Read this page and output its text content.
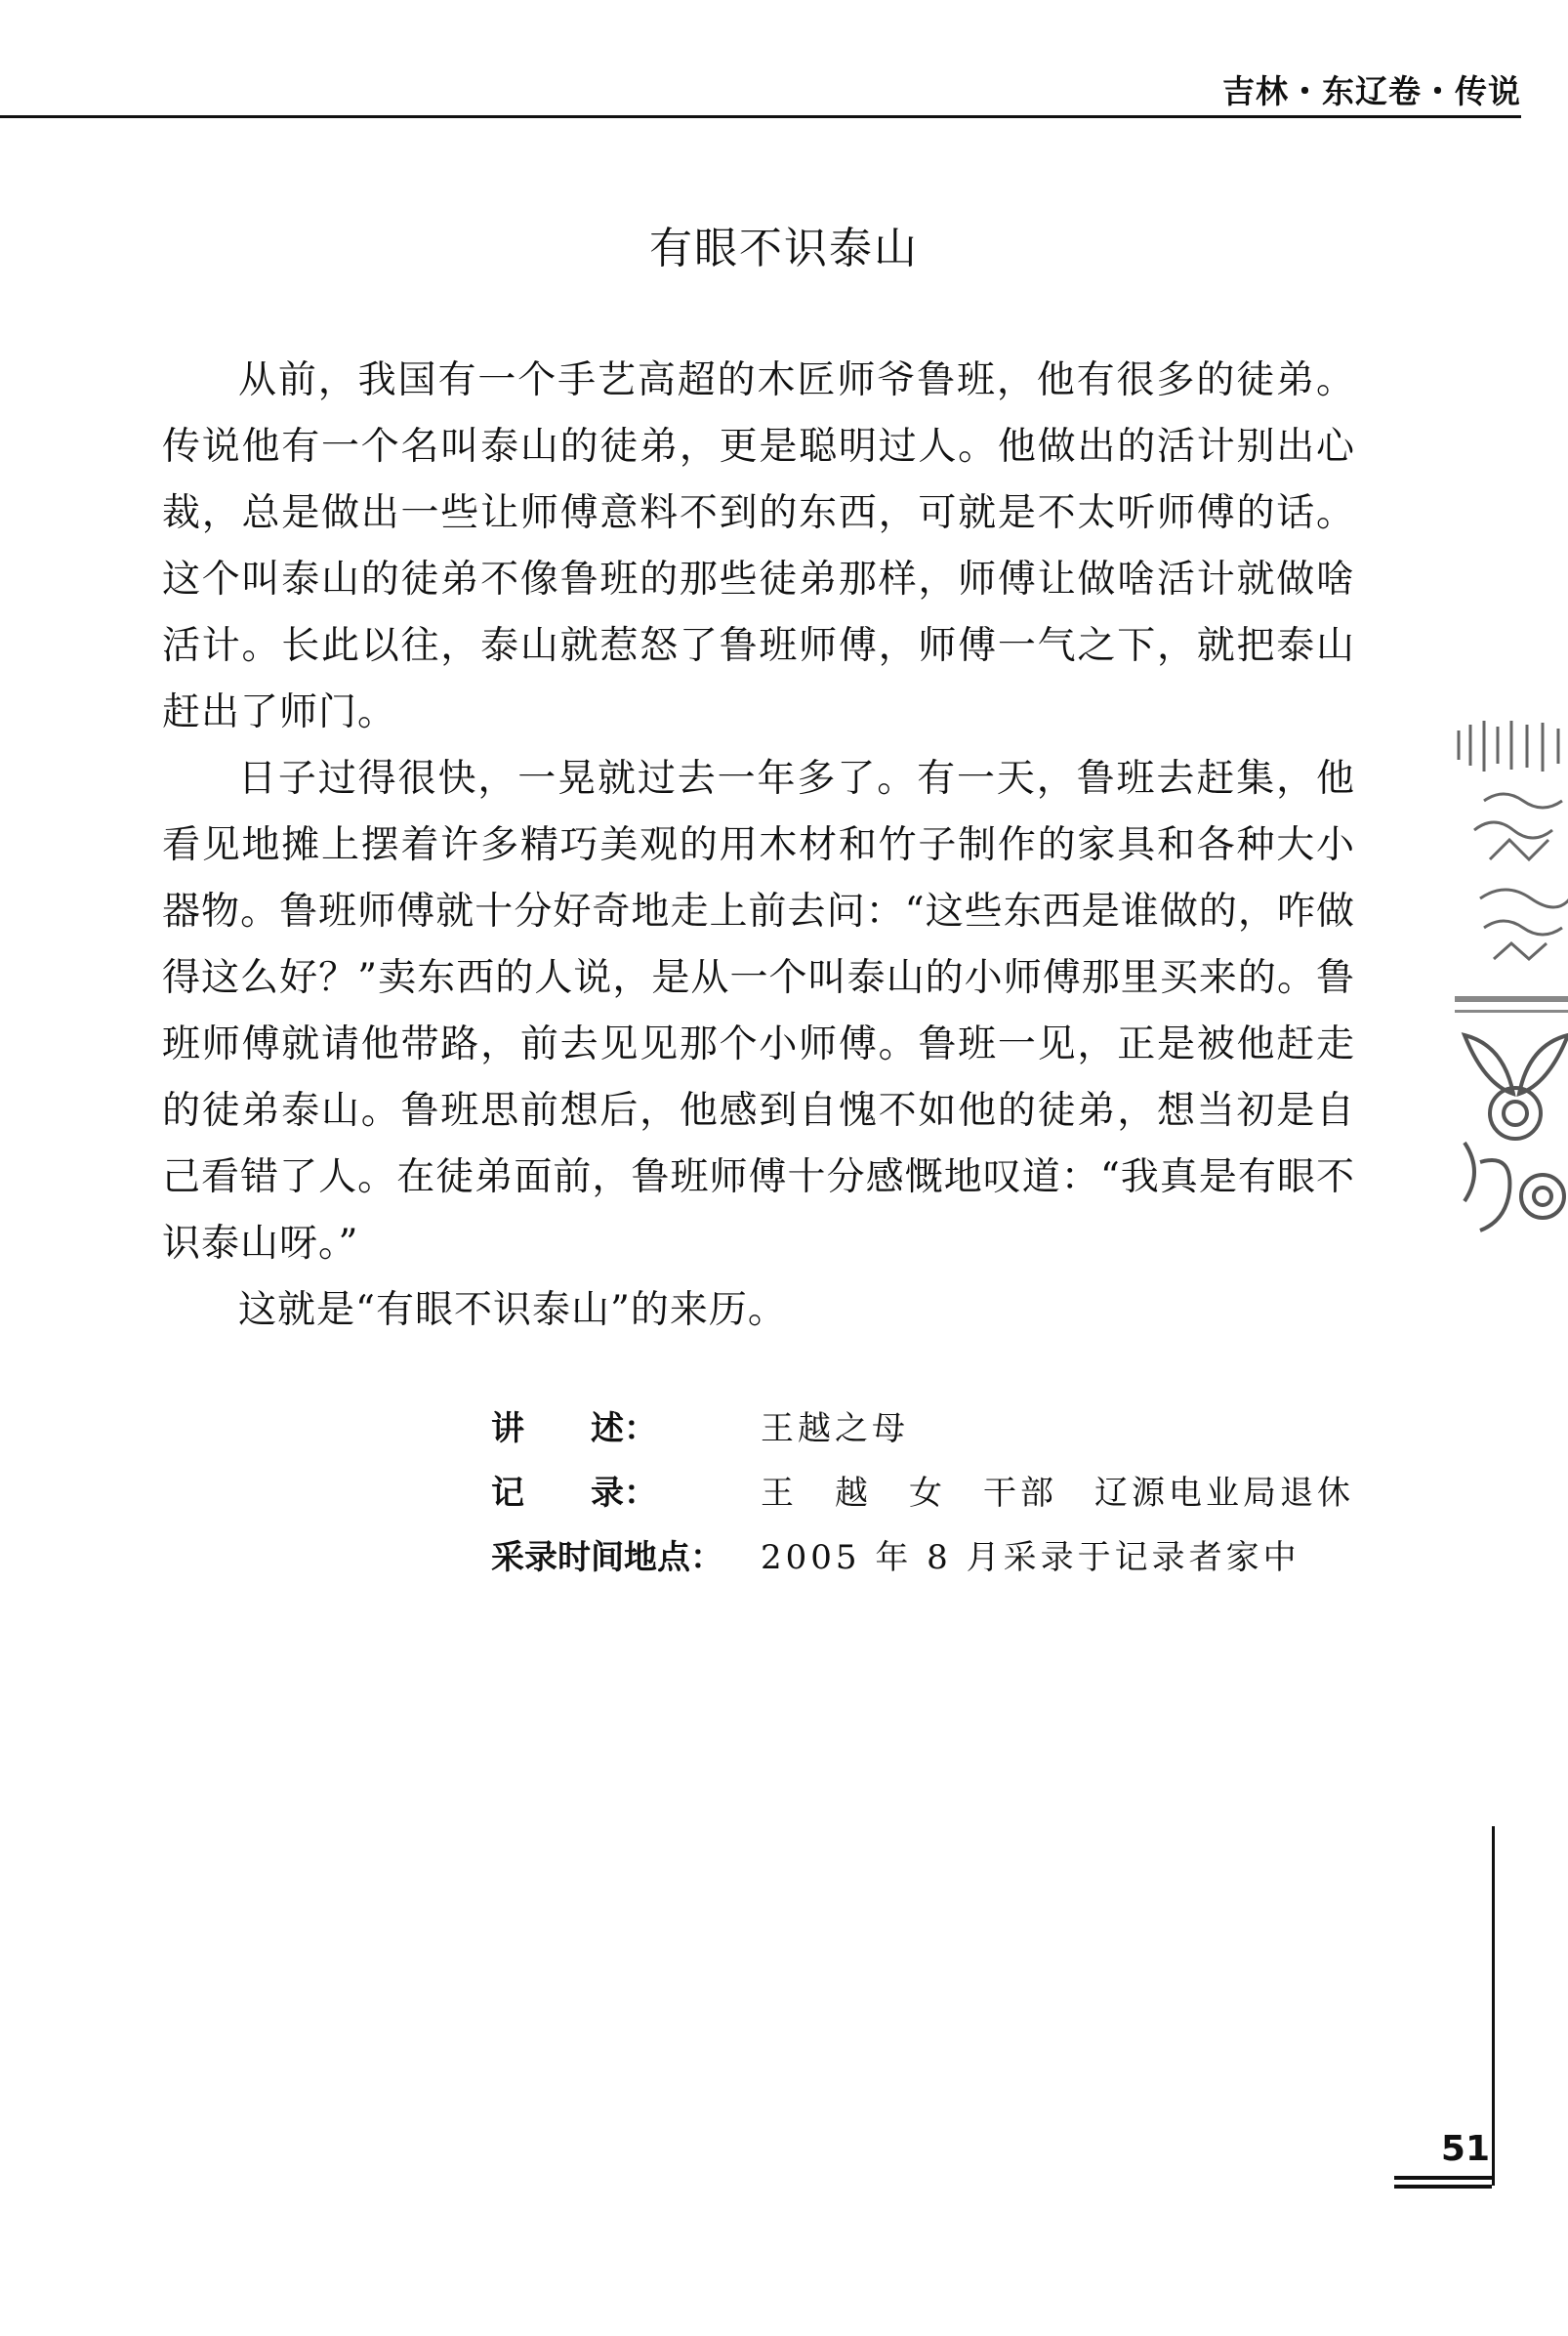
吉林・东辽卷・传说
有眼不识泰山

从前，我国有一个手艺高超的木匠师爷鲁班，他有很多的徒弟。传说他有一个名叫泰山的徒弟，更是聪明过人。他做出的活计别出心裁，总是做出一些让师傅意料不到的东西，可就是不太听师傅的话。这个叫泰山的徒弟不像鲁班的那些徒弟那样，师傅让做啥活计就做啥活计。长此以往，泰山就惹怒了鲁班师傅，师傅一气之下，就把泰山赶出了师门。

日子过得很快，一晃就过去一年多了。有一天，鲁班去赶集，他看见地摊上摆着许多精巧美观的用木材和竹子制作的家具和各种大小器物。鲁班师傅就十分好奇地走上前去问：“这些东西是谁做的，咋做得这么好？”卖东西的人说，是从一个叫泰山的小师傅那里买来的。鲁班师傅就请他带路，前去见见那个小师傅。鲁班一见，正是被他赶走的徒弟泰山。鲁班思前想后，他感到自愧不如他的徒弟，想当初是自己看错了人。在徒弟面前，鲁班师傅十分感慨地叹道：“我真是有眼不识泰山呀。”

这就是“有眼不识泰山”的来历。

讲　　述：	王越之母
记　　录：	王　越　女　干部　辽源电业局退休
采录时间地点：	2005 年 8 月采录于记录者家中
51
